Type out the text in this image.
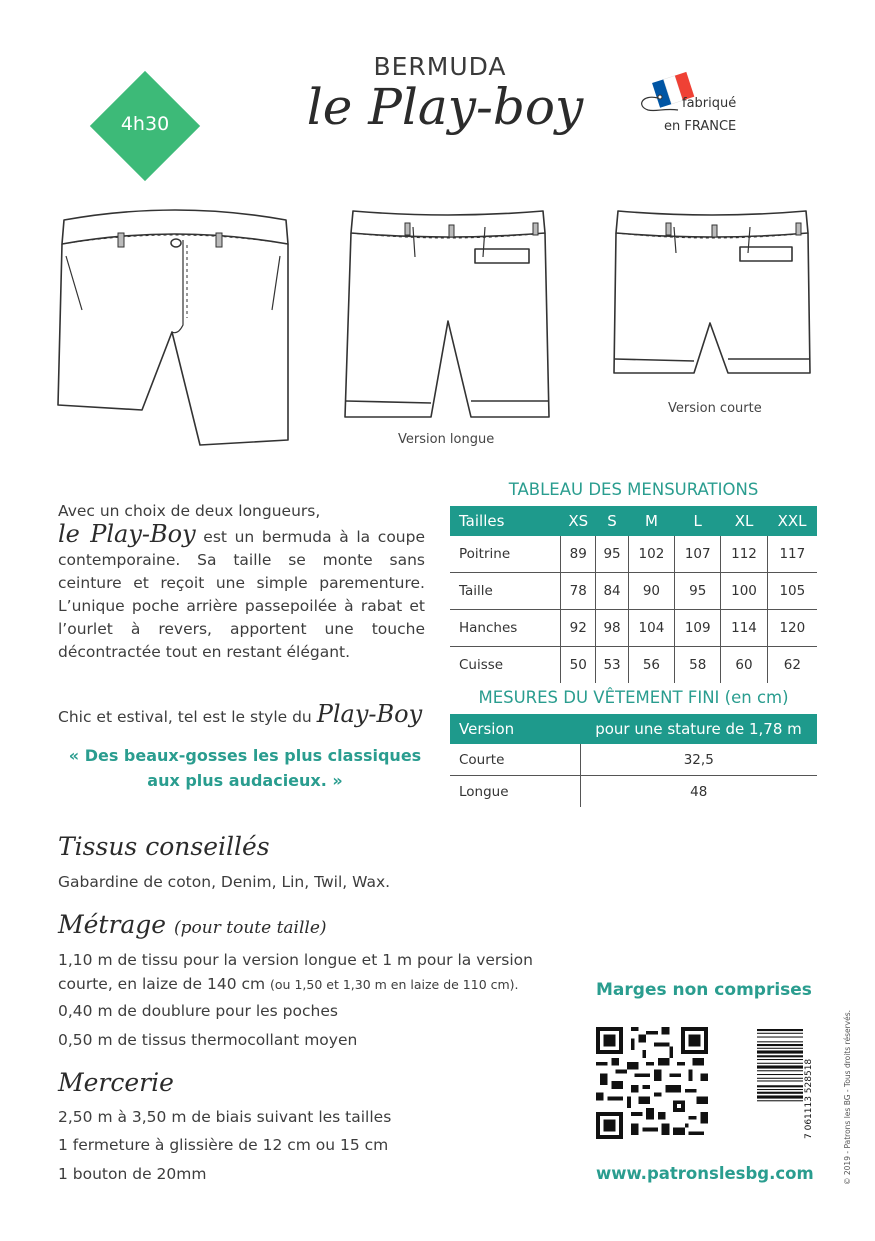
4h30
BERMUDA
le Play-boy	fabriqué
en FRANCE
Version longue
Version courte
Avec un choix de deux longueurs,
le Play-Boy est un bermuda à la coupe contemporaine. Sa taille se monte sans ceinture et reçoit une simple parementure. L’unique poche arrière passepoilée à rabat et l’ourlet à revers, apportent une touche décontractée tout en restant élégant.
Chic et estival, tel est le style du Play-Boy
« Des beaux-gosses les plus classiques
aux plus audacieux. »
TABLEAU DES MENSURATIONS
Tailles	XS	S	M	L	XL	XXL
Poitrine	89	95	102	107	112	117
Taille	78	84	90	95	100	105
Hanches	92	98	104	109	114	120
Cuisse	50	53	56	58	60	62
MESURES DU VÊTEMENT FINI (en cm)
Version	pour une stature de 1,78 m
Courte	32,5
Longue	48
Tissus conseillés
Gabardine de coton, Denim, Lin, Twil, Wax.
Métrage (pour toute taille)
1,10 m de tissu pour la version longue et 1 m pour la version
courte, en laize de 140 cm (ou 1,50 et 1,30 m en laize de 110 cm).
0,40 m de doublure pour les poches
0,50 m de tissus thermocollant moyen
Mercerie
2,50 m à 3,50 m de biais suivant les tailles
1 fermeture à glissière de 12 cm ou 15 cm
1 bouton de 20mm
Marges non comprises
7 061113 528518
www.patronslesbg.com	© 2019 - Patrons les BG - Tous droits réservés.
